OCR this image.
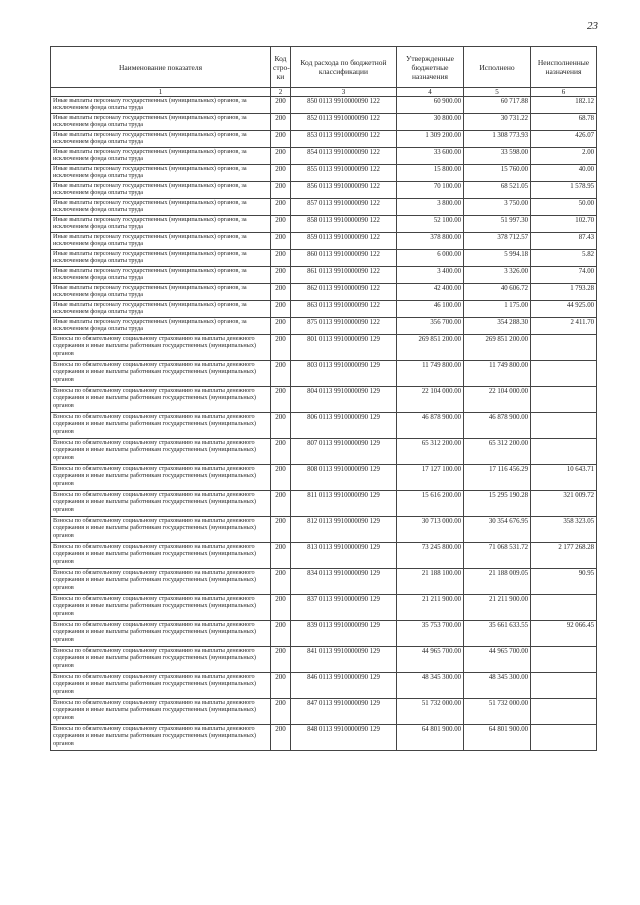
23
Наименование показателя	Код стро-ки	Код расхода по бюджетной классификации	Утвержденные бюджетные назначения	Исполнено	Неисполненные назначения
1	2	3	4	5	6
Иные выплаты персоналу государственных (муниципальных) органов, за исключением фонда оплаты труда	200	850 0113 9910000090 122	60 900.00	60 717.88	182.12
Иные выплаты персоналу государственных (муниципальных) органов, за исключением фонда оплаты труда	200	852 0113 9910000090 122	30 800.00	30 731.22	68.78
Иные выплаты персоналу государственных (муниципальных) органов, за исключением фонда оплаты труда	200	853 0113 9910000090 122	1 309 200.00	1 308 773.93	426.07
Иные выплаты персоналу государственных (муниципальных) органов, за исключением фонда оплаты труда	200	854 0113 9910000090 122	33 600.00	33 598.00	2.00
Иные выплаты персоналу государственных (муниципальных) органов, за исключением фонда оплаты труда	200	855 0113 9910000090 122	15 800.00	15 760.00	40.00
Иные выплаты персоналу государственных (муниципальных) органов, за исключением фонда оплаты труда	200	856 0113 9910000090 122	70 100.00	68 521.05	1 578.95
Иные выплаты персоналу государственных (муниципальных) органов, за исключением фонда оплаты труда	200	857 0113 9910000090 122	3 800.00	3 750.00	50.00
Иные выплаты персоналу государственных (муниципальных) органов, за исключением фонда оплаты труда	200	858 0113 9910000090 122	52 100.00	51 997.30	102.70
Иные выплаты персоналу государственных (муниципальных) органов, за исключением фонда оплаты труда	200	859 0113 9910000090 122	378 800.00	378 712.57	87.43
Иные выплаты персоналу государственных (муниципальных) органов, за исключением фонда оплаты труда	200	860 0113 9910000090 122	6 000.00	5 994.18	5.82
Иные выплаты персоналу государственных (муниципальных) органов, за исключением фонда оплаты труда	200	861 0113 9910000090 122	3 400.00	3 326.00	74.00
Иные выплаты персоналу государственных (муниципальных) органов, за исключением фонда оплаты труда	200	862 0113 9910000090 122	42 400.00	40 606.72	1 793.28
Иные выплаты персоналу государственных (муниципальных) органов, за исключением фонда оплаты труда	200	863 0113 9910000090 122	46 100.00	1 175.00	44 925.00
Иные выплаты персоналу государственных (муниципальных) органов, за исключением фонда оплаты труда	200	875 0113 9910000090 122	356 700.00	354 288.30	2 411.70
Взносы по обязательному социальному страхованию на выплаты денежного содержания и иные выплаты работникам государственных (муниципальных) органов	200	801 0113 9910000090 129	269 851 200.00	269 851 200.00	
Взносы по обязательному социальному страхованию на выплаты денежного содержания и иные выплаты работникам государственных (муниципальных) органов	200	803 0113 9910000090 129	11 749 800.00	11 749 800.00	
Взносы по обязательному социальному страхованию на выплаты денежного содержания и иные выплаты работникам государственных (муниципальных) органов	200	804 0113 9910000090 129	22 104 000.00	22 104 000.00	
Взносы по обязательному социальному страхованию на выплаты денежного содержания и иные выплаты работникам государственных (муниципальных) органов	200	806 0113 9910000090 129	46 878 900.00	46 878 900.00	
Взносы по обязательному социальному страхованию на выплаты денежного содержания и иные выплаты работникам государственных (муниципальных) органов	200	807 0113 9910000090 129	65 312 200.00	65 312 200.00	
Взносы по обязательному социальному страхованию на выплаты денежного содержания и иные выплаты работникам государственных (муниципальных) органов	200	808 0113 9910000090 129	17 127 100.00	17 116 456.29	10 643.71
Взносы по обязательному социальному страхованию на выплаты денежного содержания и иные выплаты работникам государственных (муниципальных) органов	200	811 0113 9910000090 129	15 616 200.00	15 295 190.28	321 009.72
Взносы по обязательному социальному страхованию на выплаты денежного содержания и иные выплаты работникам государственных (муниципальных) органов	200	812 0113 9910000090 129	30 713 000.00	30 354 676.95	358 323.05
Взносы по обязательному социальному страхованию на выплаты денежного содержания и иные выплаты работникам государственных (муниципальных) органов	200	813 0113 9910000090 129	73 245 800.00	71 068 531.72	2 177 268.28
Взносы по обязательному социальному страхованию на выплаты денежного содержания и иные выплаты работникам государственных (муниципальных) органов	200	834 0113 9910000090 129	21 188 100.00	21 188 009.05	90.95
Взносы по обязательному социальному страхованию на выплаты денежного содержания и иные выплаты работникам государственных (муниципальных) органов	200	837 0113 9910000090 129	21 211 900.00	21 211 900.00	
Взносы по обязательному социальному страхованию на выплаты денежного содержания и иные выплаты работникам государственных (муниципальных) органов	200	839 0113 9910000090 129	35 753 700.00	35 661 633.55	92 066.45
Взносы по обязательному социальному страхованию на выплаты денежного содержания и иные выплаты работникам государственных (муниципальных) органов	200	841 0113 9910000090 129	44 965 700.00	44 965 700.00	
Взносы по обязательному социальному страхованию на выплаты денежного содержания и иные выплаты работникам государственных (муниципальных) органов	200	846 0113 9910000090 129	48 345 300.00	48 345 300.00	
Взносы по обязательному социальному страхованию на выплаты денежного содержания и иные выплаты работникам государственных (муниципальных) органов	200	847 0113 9910000090 129	51 732 000.00	51 732 000.00	
Взносы по обязательному социальному страхованию на выплаты денежного содержания и иные выплаты работникам государственных (муниципальных) органов	200	848 0113 9910000090 129	64 801 900.00	64 801 900.00	
